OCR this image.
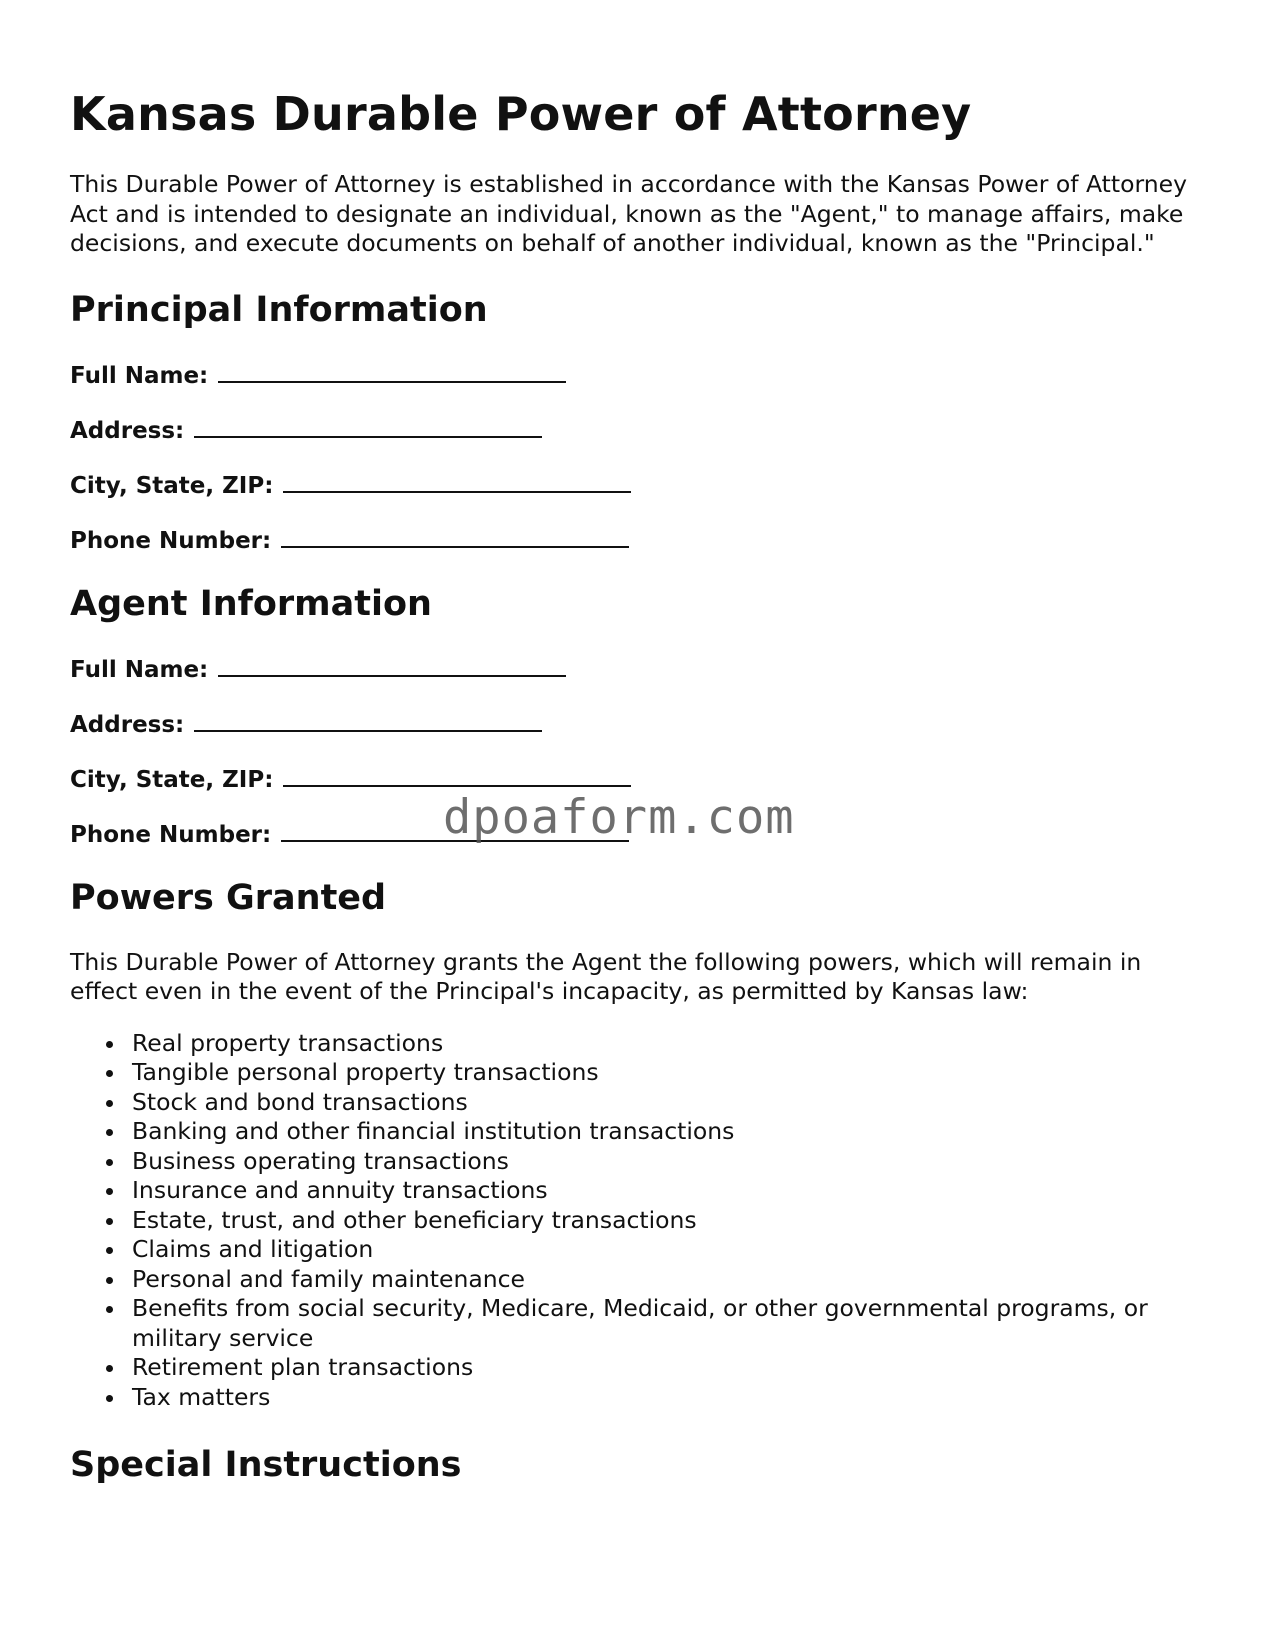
Kansas Durable Power of Attorney

This Durable Power of Attorney is established in accordance with the Kansas Power of Attorney Act and is intended to designate an individual, known as the "Agent," to manage affairs, make decisions, and execute documents on behalf of another individual, known as the "Principal."

Principal Information

Full Name:

Address:

City, State, ZIP:

Phone Number:

Agent Information

Full Name:

Address:

City, State, ZIP:

Phone Number:

Powers Granted

This Durable Power of Attorney grants the Agent the following powers, which will remain in effect even in the event of the Principal's incapacity, as permitted by Kansas law:

Real property transactions
Tangible personal property transactions
Stock and bond transactions
Banking and other financial institution transactions
Business operating transactions
Insurance and annuity transactions
Estate, trust, and other beneficiary transactions
Claims and litigation
Personal and family maintenance
Benefits from social security, Medicare, Medicaid, or other governmental programs, or military service
Retirement plan transactions
Tax matters
Special Instructions
dpoaform.com
